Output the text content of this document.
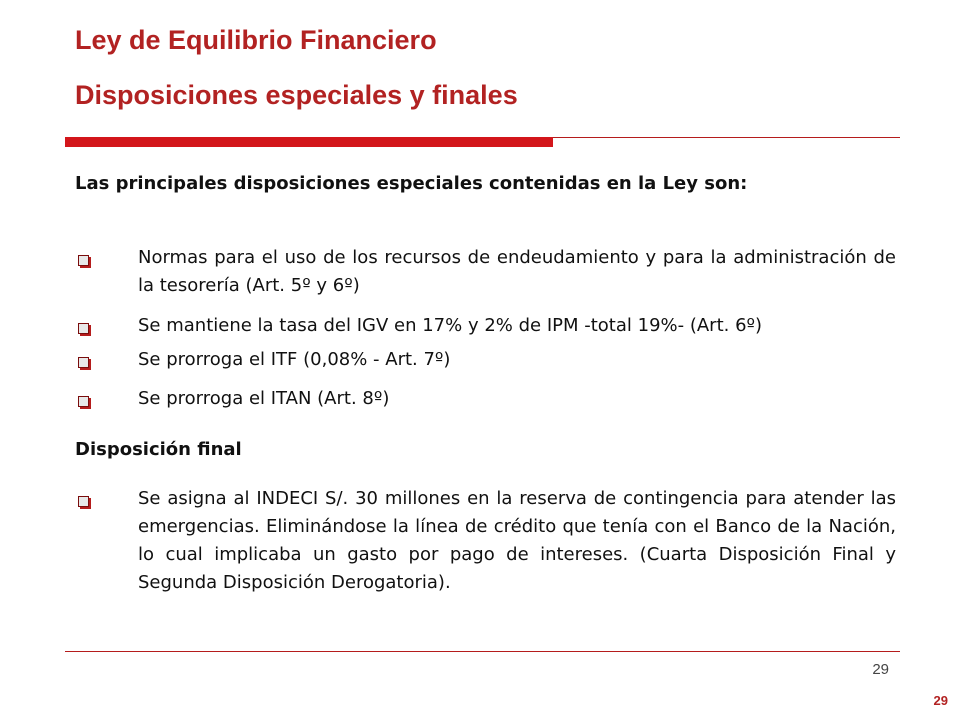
Ley de Equilibrio Financiero
Disposiciones especiales y finales
Las principales disposiciones especiales contenidas en la Ley son:
Normas para el uso de los recursos de endeudamiento y para la administración de la tesorería (Art. 5º y 6º)
Se mantiene la tasa del IGV en 17% y 2% de IPM -total 19%- (Art. 6º)
Se prorroga el ITF (0,08% - Art. 7º)
Se prorroga el ITAN (Art. 8º)
Disposición final
Se asigna al INDECI S/. 30 millones en la reserva de contingencia para atender las emergencias. Eliminándose la línea de crédito que tenía con el Banco de la Nación, lo cual implicaba un gasto por pago de intereses. (Cuarta Disposición Final y Segunda Disposición Derogatoria).
29
29
